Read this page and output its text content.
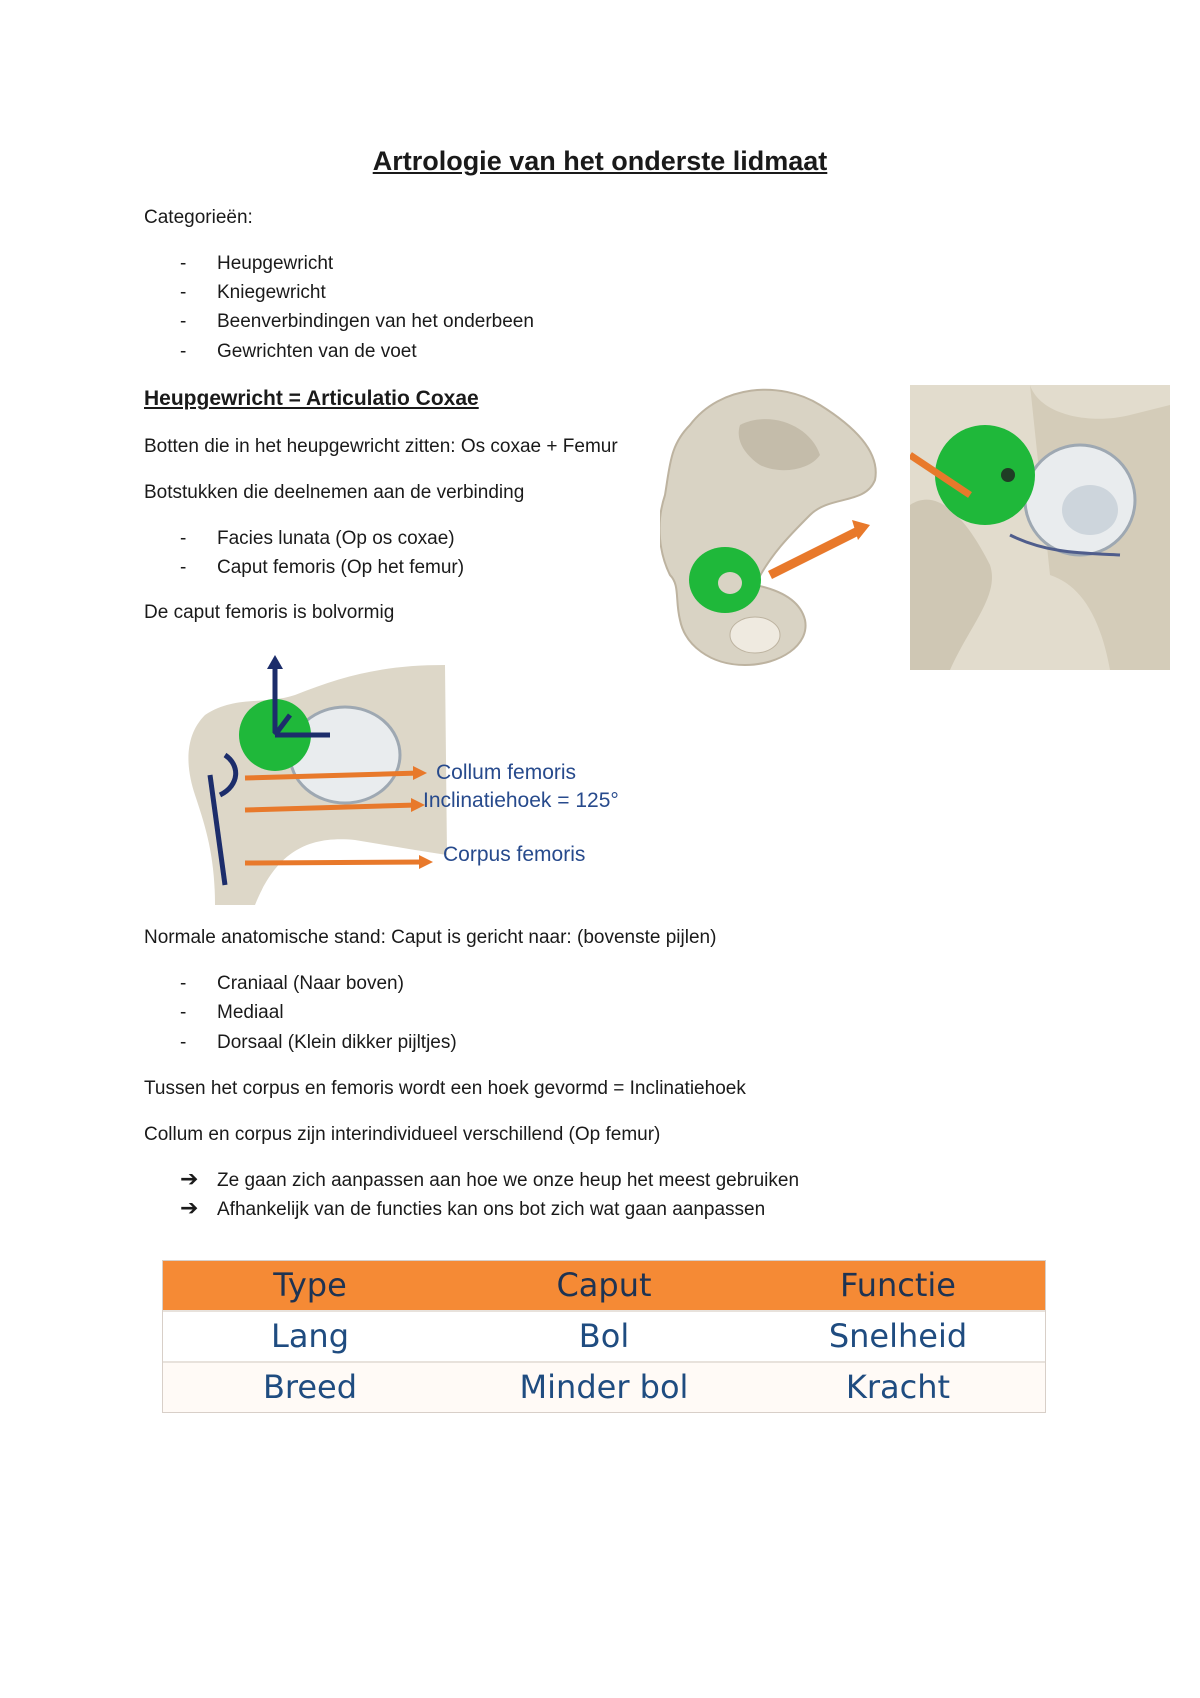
Artrologie van het onderste lidmaat
Categorieën:
- Heupgewricht
- Kniegewricht
- Beenverbindingen van het onderbeen
- Gewrichten van de voet
Heupgewricht = Articulatio Coxae
Botten die in het heupgewricht zitten: Os coxae + Femur
Botstukken die deelnemen aan de verbinding
- Facies lunata (Op os coxae)
- Caput femoris (Op het femur)
De caput femoris is bolvormig
Collum femoris
Inclinatiehoek = 125°
Corpus femoris
Normale anatomische stand: Caput is gericht naar: (bovenste pijlen)
- Craniaal (Naar boven)
- Mediaal
- Dorsaal (Klein dikker pijltjes)
Tussen het corpus en femoris wordt een hoek gevormd = Inclinatiehoek
Collum en corpus zijn interindividueel verschillend (Op femur)
➔ Ze gaan zich aanpassen aan hoe we onze heup het meest gebruiken
➔ Afhankelijk van de functies kan ons bot zich wat gaan aanpassen
Type	Caput	Functie
Lang	Bol	Snelheid
Breed	Minder bol	Kracht
